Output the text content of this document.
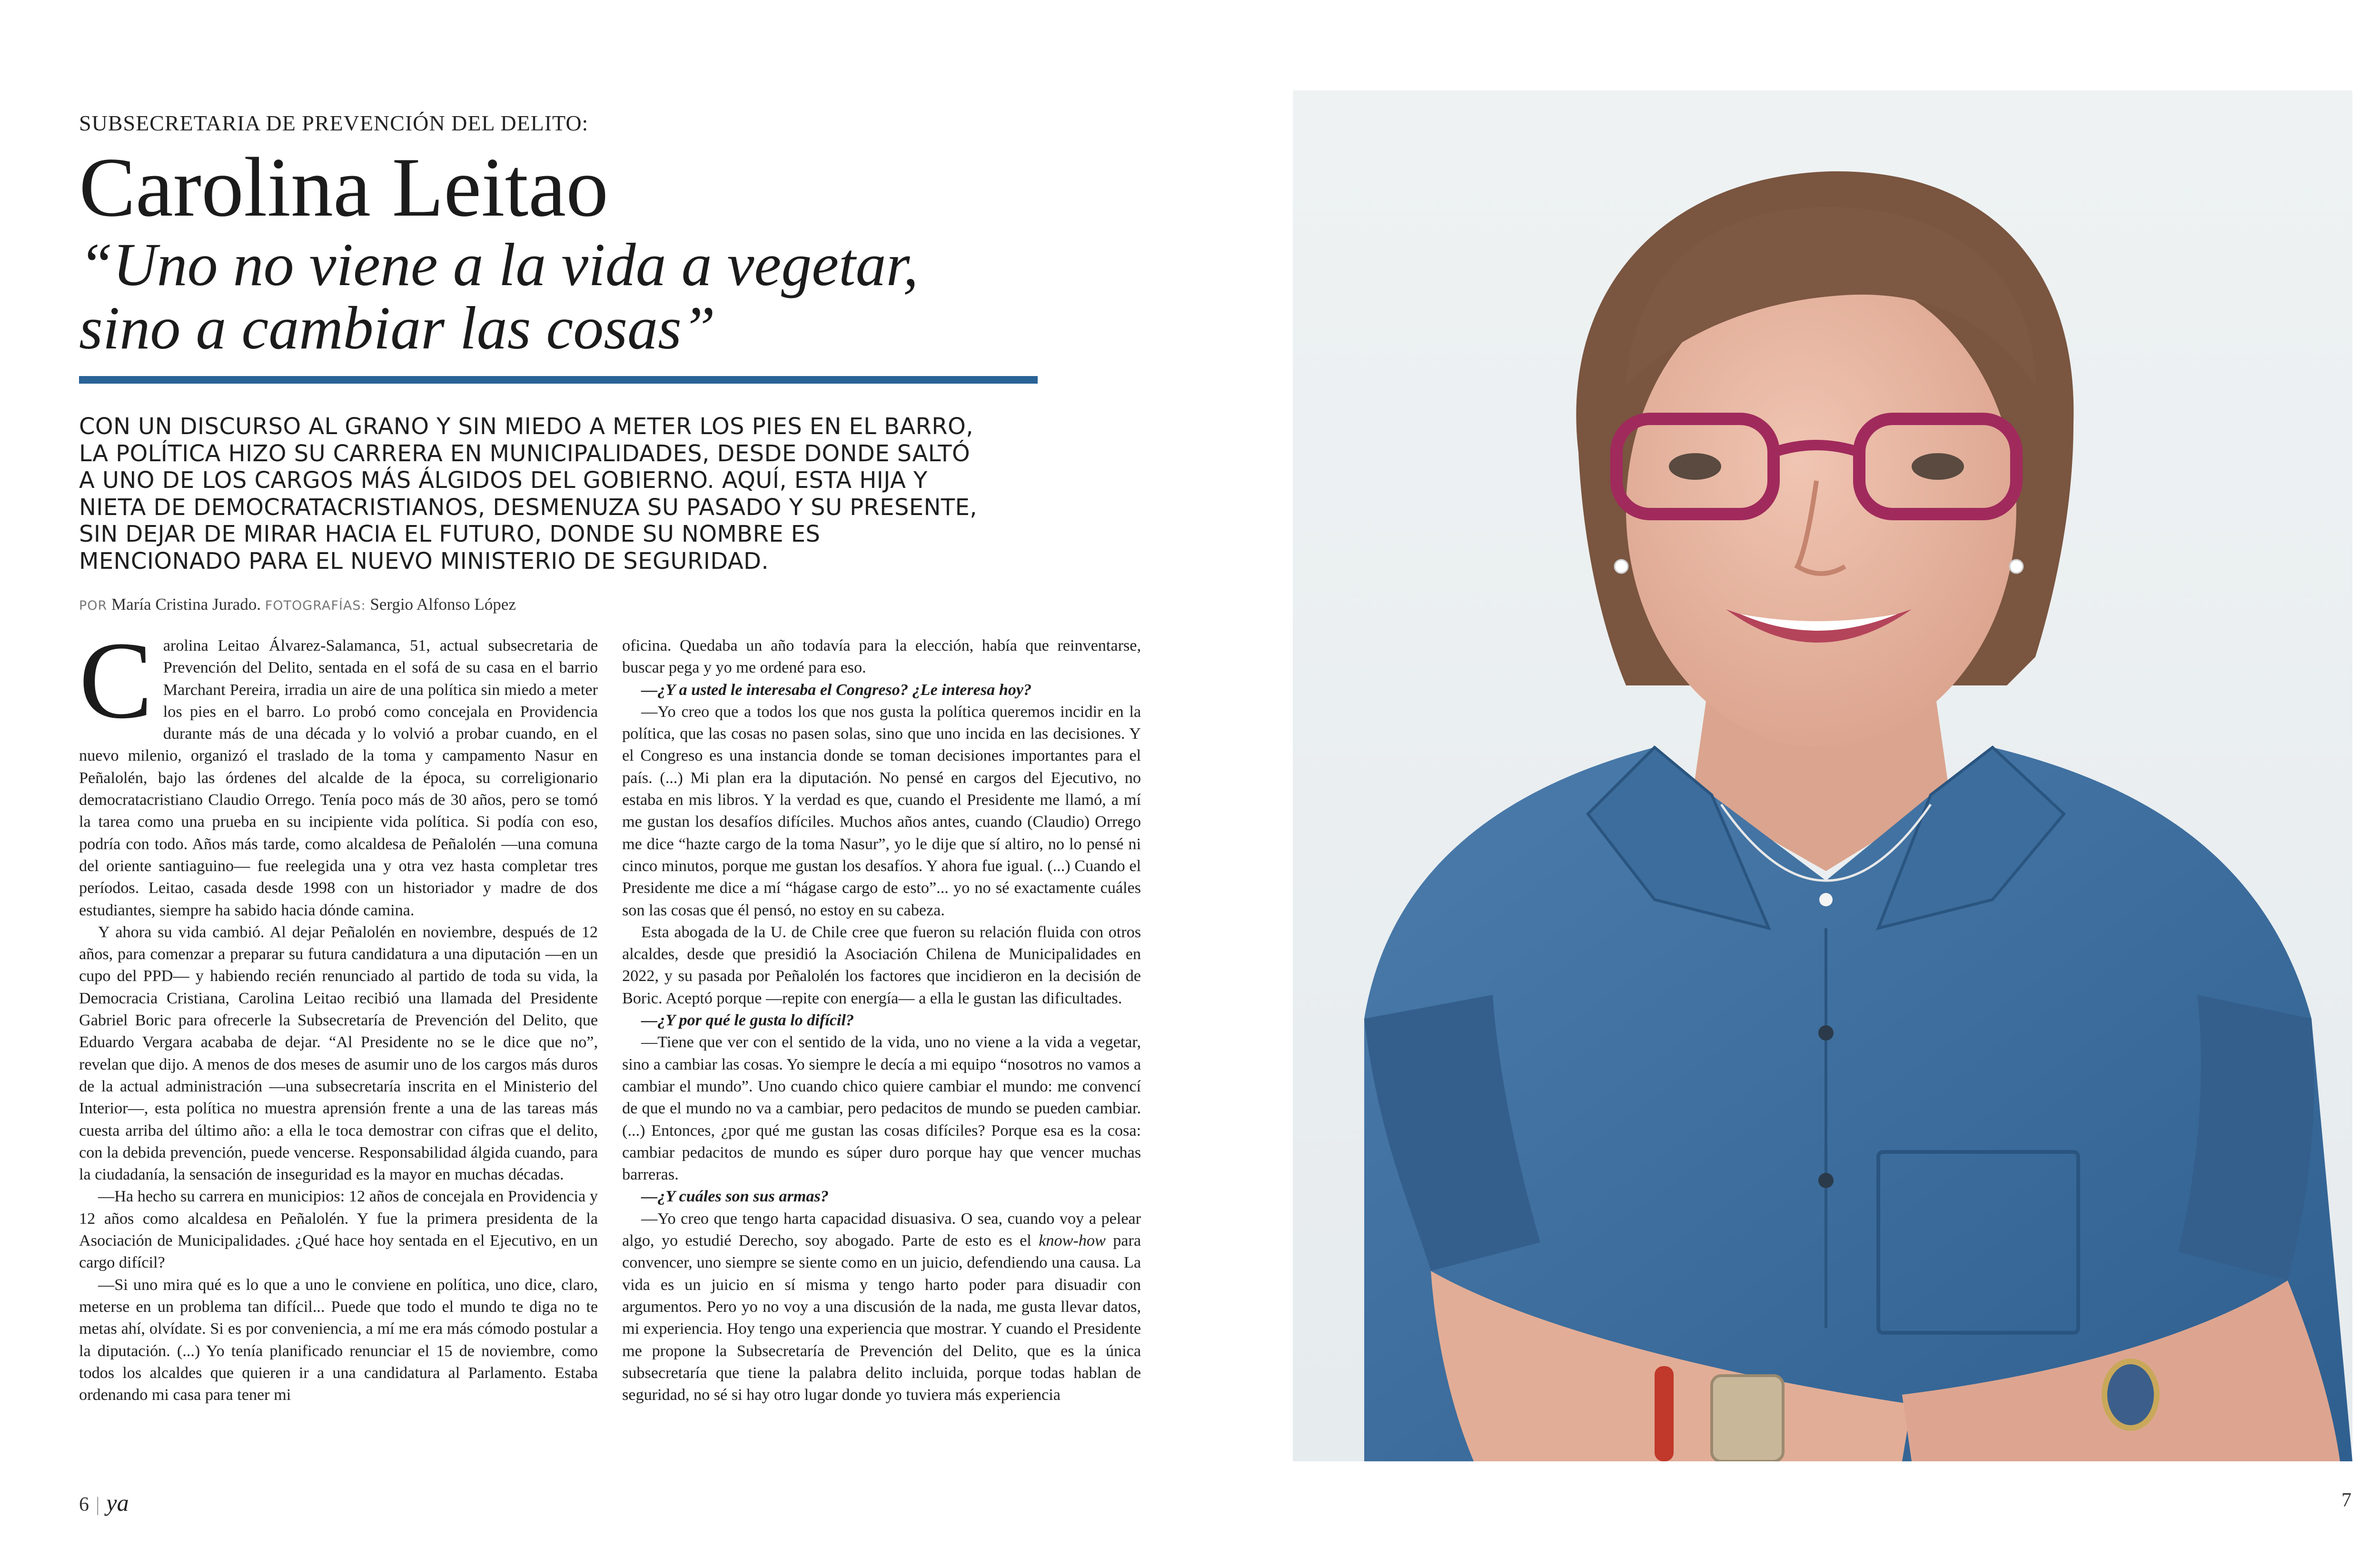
SUBSECRETARIA DE PREVENCIÓN DEL DELITO:
Carolina Leitao
“Uno no viene a la vida a vegetar,
sino a cambiar las cosas”
CON UN DISCURSO AL GRANO Y SIN MIEDO A METER LOS PIES EN EL BARRO,
LA POLÍTICA HIZO SU CARRERA EN MUNICIPALIDADES, DESDE DONDE SALTÓ
A UNO DE LOS CARGOS MÁS ÁLGIDOS DEL GOBIERNO. AQUÍ, ESTA HIJA Y
NIETA DE DEMOCRATACRISTIANOS, DESMENUZA SU PASADO Y SU PRESENTE,
SIN DEJAR DE MIRAR HACIA EL FUTURO, DONDE SU NOMBRE ES
MENCIONADO PARA EL NUEVO MINISTERIO DE SEGURIDAD.
POR María Cristina Jurado. FOTOGRAFÍAS: Sergio Alfonso López

Carolina Leitao Álvarez-Salamanca, 51, actual subsecretaria de Prevención del Delito, sentada en el sofá de su casa en el barrio Marchant Pereira, irradia un aire de una política sin miedo a meter los pies en el barro. Lo probó como concejala en Providencia durante más de una década y lo volvió a probar cuando, en el nuevo milenio, organizó el traslado de la toma y campamento Nasur en Peñalolén, bajo las órdenes del alcalde de la época, su correligionario democratacristiano Claudio Orrego. Tenía poco más de 30 años, pero se tomó la tarea como una prueba en su incipiente vida política. Si podía con eso, podría con todo. Años más tarde, como alcaldesa de Peñalolén —una comuna del oriente santiaguino— fue reelegida una y otra vez hasta completar tres períodos. Leitao, casada desde 1998 con un historiador y madre de dos estudiantes, siempre ha sabido hacia dónde camina.

Y ahora su vida cambió. Al dejar Peñalolén en noviembre, después de 12 años, para comenzar a preparar su futura candidatura a una diputación —en un cupo del PPD— y habiendo recién renunciado al partido de toda su vida, la Democracia Cristiana, Carolina Leitao recibió una llamada del Presidente Gabriel Boric para ofrecerle la Subsecretaría de Prevención del Delito, que Eduardo Vergara acababa de dejar. “Al Presidente no se le dice que no”, revelan que dijo. A menos de dos meses de asumir uno de los cargos más duros de la actual administración —una subsecretaría inscrita en el Ministerio del Interior—, esta política no muestra aprensión frente a una de las tareas más cuesta arriba del último año: a ella le toca demostrar con cifras que el delito, con la debida prevención, puede vencerse. Responsabilidad álgida cuando, para la ciudadanía, la sensación de inseguridad es la mayor en muchas décadas.

—Ha hecho su carrera en municipios: 12 años de concejala en Providencia y 12 años como alcaldesa en Peñalolén. Y fue la primera presidenta de la Asociación de Municipalidades. ¿Qué hace hoy sentada en el Ejecutivo, en un cargo difícil?

—Si uno mira qué es lo que a uno le conviene en política, uno dice, claro, meterse en un problema tan difícil... Puede que todo el mundo te diga no te metas ahí, olvídate. Si es por conveniencia, a mí me era más cómodo postular a la diputación. (...) Yo tenía planificado renunciar el 15 de noviembre, como todos los alcaldes que quieren ir a una candidatura al Parlamento. Estaba ordenando mi casa para tener mi

oficina. Quedaba un año todavía para la elección, había que reinventarse, buscar pega y yo me ordené para eso.

—¿Y a usted le interesaba el Congreso? ¿Le interesa hoy?

—Yo creo que a todos los que nos gusta la política queremos incidir en la política, que las cosas no pasen solas, sino que uno incida en las decisiones. Y el Congreso es una instancia donde se toman decisiones importantes para el país. (...) Mi plan era la diputación. No pensé en cargos del Ejecutivo, no estaba en mis libros. Y la verdad es que, cuando el Presidente me llamó, a mí me gustan los desafíos difíciles. Muchos años antes, cuando (Claudio) Orrego me dice “hazte cargo de la toma Nasur”, yo le dije que sí altiro, no lo pensé ni cinco minutos, porque me gustan los desafíos. Y ahora fue igual. (...) Cuando el Presidente me dice a mí “hágase cargo de esto”... yo no sé exactamente cuáles son las cosas que él pensó, no estoy en su cabeza.

Esta abogada de la U. de Chile cree que fueron su relación fluida con otros alcaldes, desde que presidió la Asociación Chilena de Municipalidades en 2022, y su pasada por Peñalolén los factores que incidieron en la decisión de Boric. Aceptó porque —repite con energía— a ella le gustan las dificultades.

—¿Y por qué le gusta lo difícil?

—Tiene que ver con el sentido de la vida, uno no viene a la vida a vegetar, sino a cambiar las cosas. Yo siempre le decía a mi equipo “nosotros no vamos a cambiar el mundo”. Uno cuando chico quiere cambiar el mundo: me convencí de que el mundo no va a cambiar, pero pedacitos de mundo se pueden cambiar. (...) Entonces, ¿por qué me gustan las cosas difíciles? Porque esa es la cosa: cambiar pedacitos de mundo es súper duro porque hay que vencer muchas barreras.

—¿Y cuáles son sus armas?

—Yo creo que tengo harta capacidad disuasiva. O sea, cuando voy a pelear algo, yo estudié Derecho, soy abogado. Parte de esto es el know-how para convencer, uno siempre se siente como en un juicio, defendiendo una causa. La vida es un juicio en sí misma y tengo harto poder para disuadir con argumentos. Pero yo no voy a una discusión de la nada, me gusta llevar datos, mi experiencia. Hoy tengo una experiencia que mostrar. Y cuando el Presidente me propone la Subsecretaría de Prevención del Delito, que es la única subsecretaría que tiene la palabra delito incluida, porque todas hablan de seguridad, no sé si hay otro lugar donde yo tuviera más experiencia

6 | ya	7
